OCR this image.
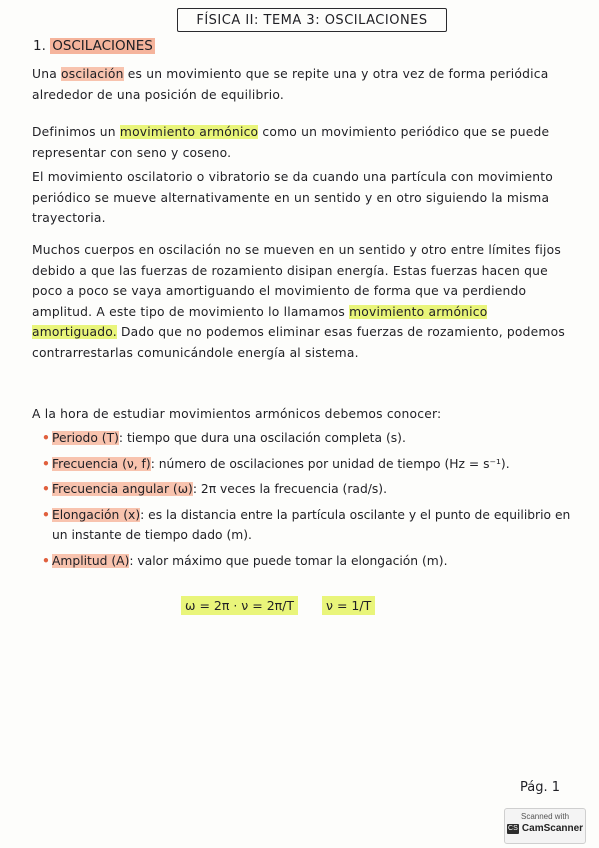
FÍSICA II: TEMA 3: OSCILACIONES
1. OSCILACIONES
Una oscilación es un movimiento que se repite una y otra vez de forma periódica alrededor de una posición de equilibrio.
Definimos un movimiento armónico como un movimiento periódico que se puede representar con seno y coseno.
El movimiento oscilatorio o vibratorio se da cuando una partícula con movimiento periódico se mueve alternativamente en un sentido y en otro siguiendo la misma trayectoria.
Muchos cuerpos en oscilación no se mueven en un sentido y otro entre límites fijos debido a que las fuerzas de rozamiento disipan energía. Estas fuerzas hacen que poco a poco se vaya amortiguando el movimiento de forma que va perdiendo amplitud. A este tipo de movimiento lo llamamos movimiento armónico amortiguado. Dado que no podemos eliminar esas fuerzas de rozamiento, podemos contrarrestarlas comunicándole energía al sistema.
A la hora de estudiar movimientos armónicos debemos conocer:
• Periodo (T): tiempo que dura una oscilación completa (s).
• Frecuencia (ν, f): número de oscilaciones por unidad de tiempo (Hz = s⁻¹).
• Frecuencia angular (ω): 2π veces la frecuencia (rad/s).
• Elongación (x): es la distancia entre la partícula oscilante y el punto de equilibrio en un instante de tiempo dado (m).
• Amplitud (A): valor máximo que puede tomar la elongación (m).
ω = 2π · ν = 2π/T	ν = 1/T
Pág. 1
Scanned with
CS CamScanner
